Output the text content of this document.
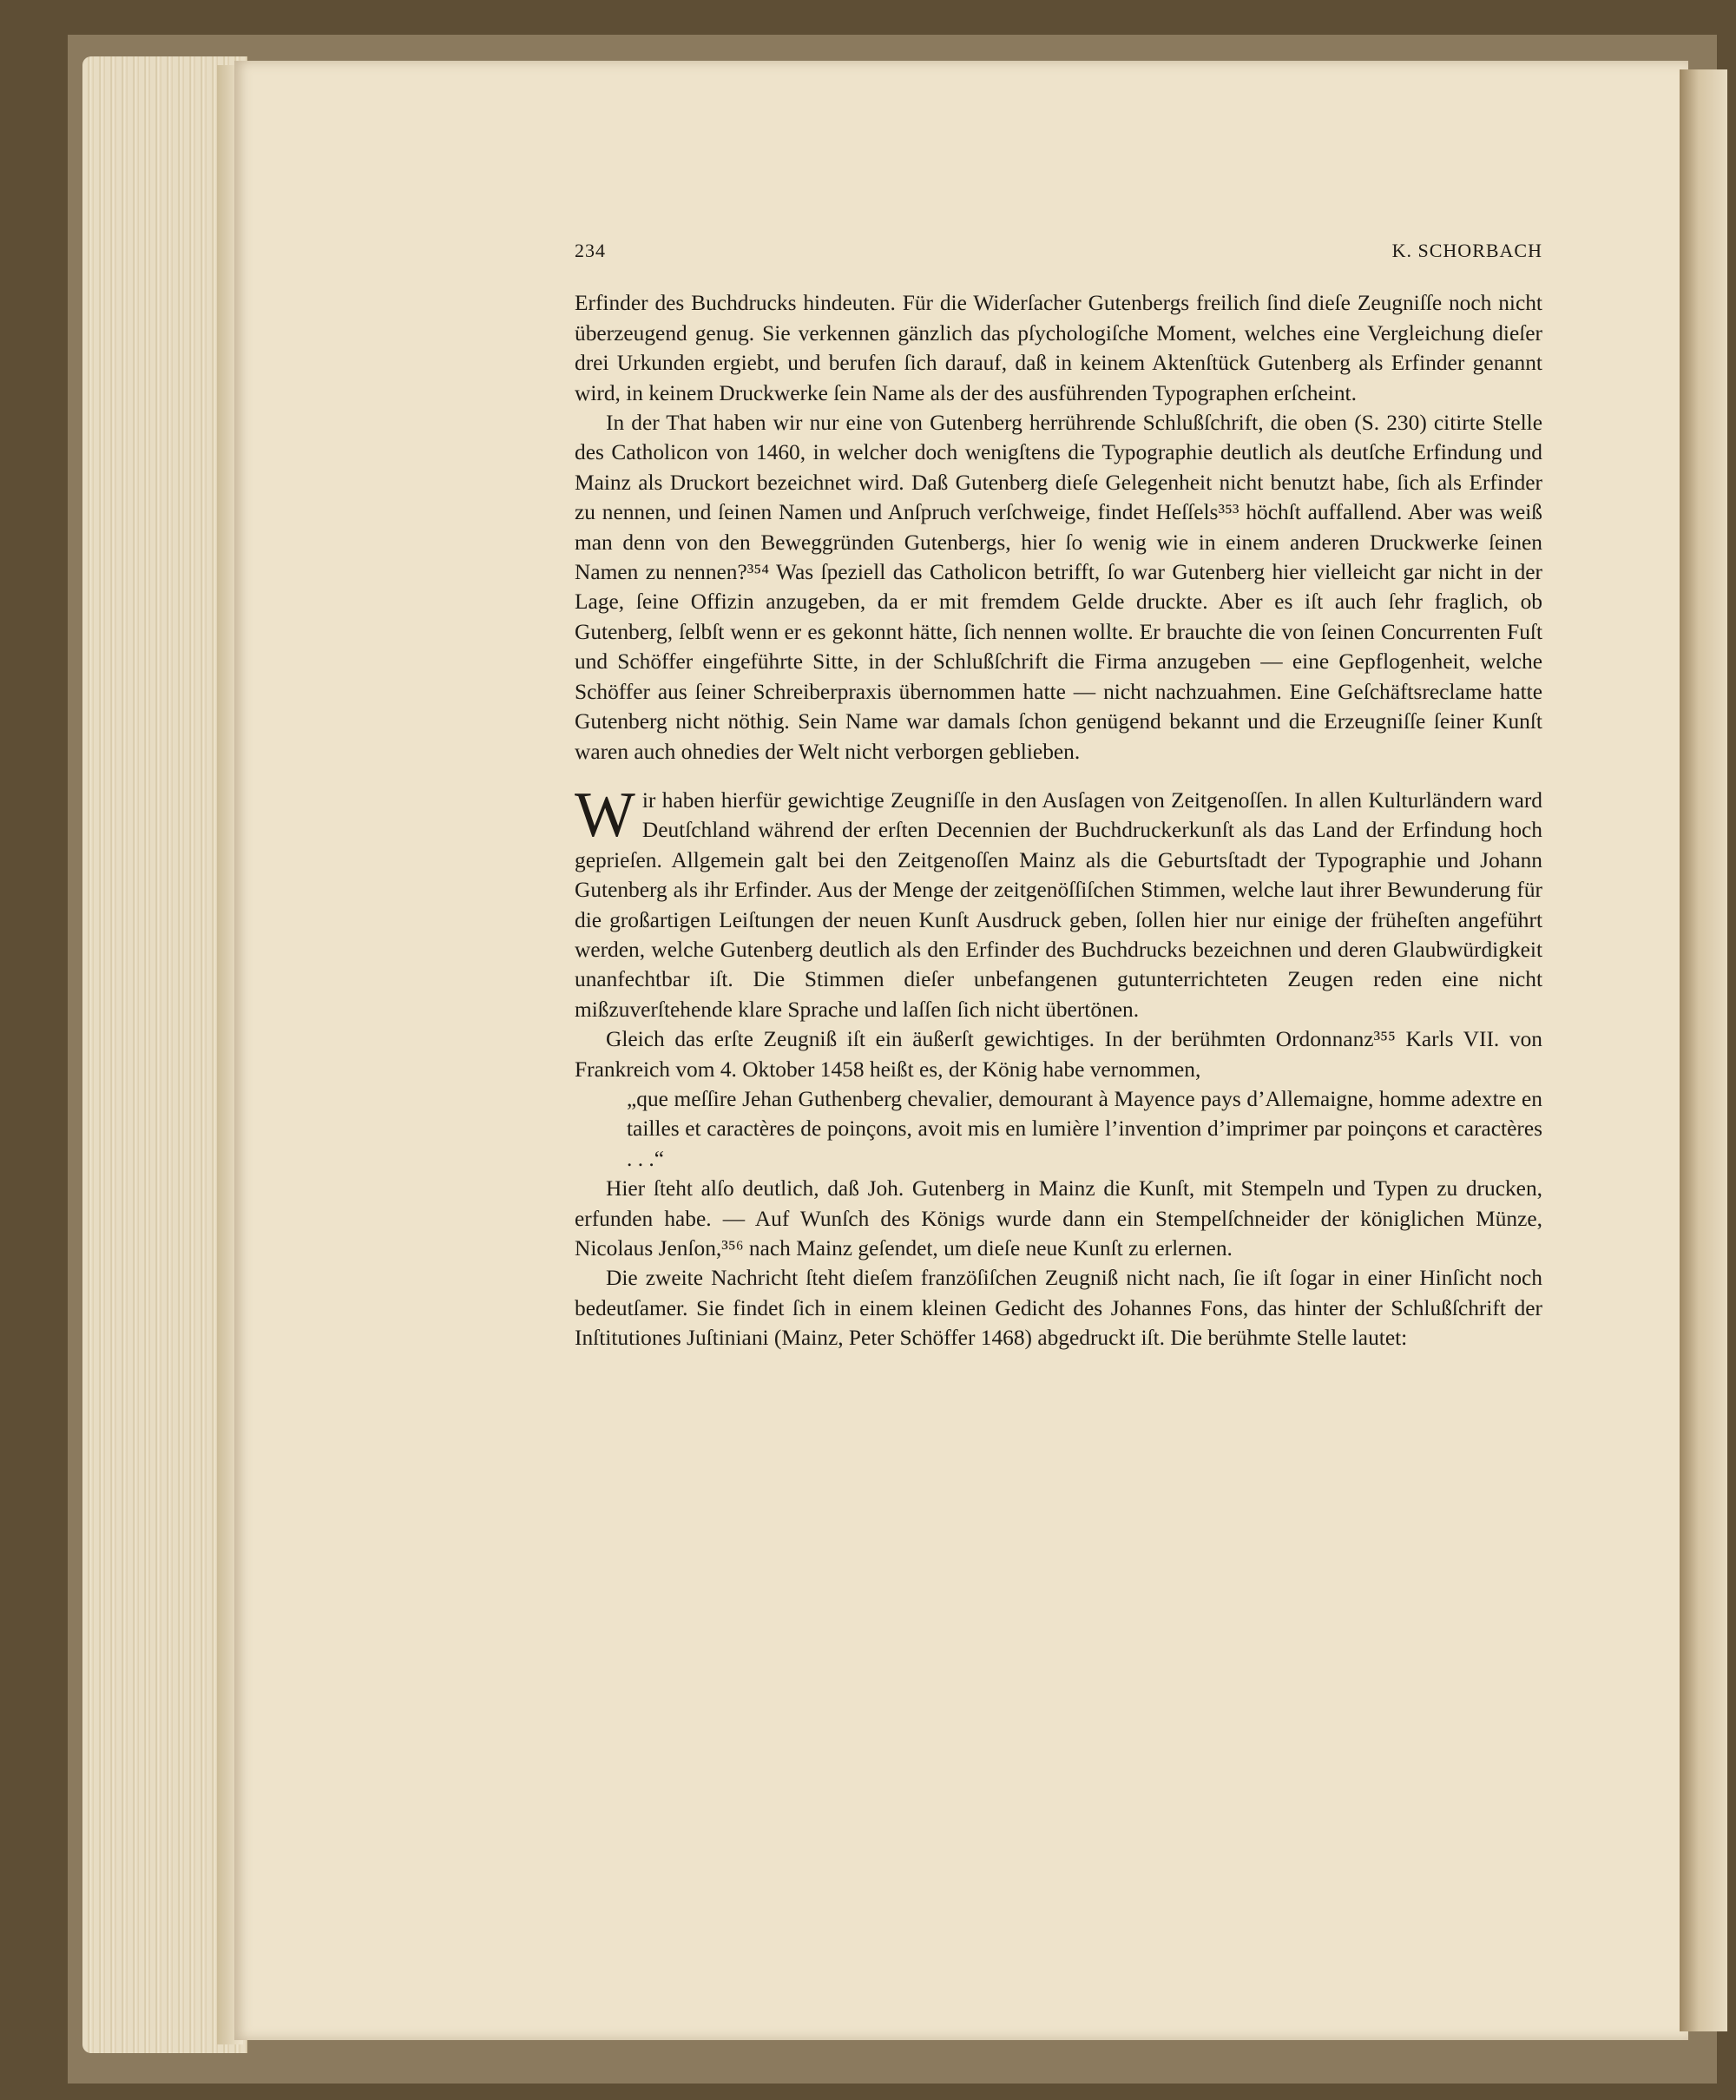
234	K. SCHORBACH

Erfinder des Buchdrucks hindeuten. Für die Widerſacher Gutenbergs freilich ſind dieſe Zeugniſſe noch nicht überzeugend genug. Sie verkennen gänzlich das pſychologiſche Moment, welches eine Vergleichung dieſer drei Urkunden ergiebt, und berufen ſich darauf, daß in keinem Aktenſtück Gutenberg als Erfinder genannt wird, in keinem Druckwerke ſein Name als der des ausführenden Typographen erſcheint.

In der That haben wir nur eine von Gutenberg herrührende Schlußſchrift, die oben (S. 230) citirte Stelle des Catholicon von 1460, in welcher doch wenigſtens die Typographie deutlich als deutſche Erfindung und Mainz als Druckort bezeichnet wird. Daß Gutenberg dieſe Gelegenheit nicht benutzt habe, ſich als Erfinder zu nennen, und ſeinen Namen und Anſpruch verſchweige, findet Heſſels³⁵³ höchſt auffallend. Aber was weiß man denn von den Beweggründen Gutenbergs, hier ſo wenig wie in einem anderen Druckwerke ſeinen Namen zu nennen?³⁵⁴ Was ſpeziell das Catholicon betrifft, ſo war Gutenberg hier vielleicht gar nicht in der Lage, ſeine Offizin anzugeben, da er mit fremdem Gelde druckte. Aber es iſt auch ſehr fraglich, ob Gutenberg, ſelbſt wenn er es gekonnt hätte, ſich nennen wollte. Er brauchte die von ſeinen Concurrenten Fuſt und Schöffer eingeführte Sitte, in der Schlußſchrift die Firma anzugeben — eine Gepflogenheit, welche Schöffer aus ſeiner Schreiberpraxis übernommen hatte — nicht nachzuahmen. Eine Geſchäftsreclame hatte Gutenberg nicht nöthig. Sein Name war damals ſchon genügend bekannt und die Erzeugniſſe ſeiner Kunſt waren auch ohnedies der Welt nicht verborgen geblieben.

W ir haben hierfür gewichtige Zeugniſſe in den Ausſagen von Zeitgenoſſen. In allen Kulturländern ward Deutſchland während der erſten Decennien der Buchdruckerkunſt als das Land der Erfindung hoch geprieſen. Allgemein galt bei den Zeitgenoſſen Mainz als die Geburtsſtadt der Typographie und Johann Gutenberg als ihr Erfinder. Aus der Menge der zeitgenöſſiſchen Stimmen, welche laut ihrer Bewunderung für die großartigen Leiſtungen der neuen Kunſt Ausdruck geben, ſollen hier nur einige der früheſten angeführt werden, welche Gutenberg deutlich als den Erfinder des Buchdrucks bezeichnen und deren Glaubwürdigkeit unanfechtbar iſt. Die Stimmen dieſer unbefangenen gutunterrichteten Zeugen reden eine nicht mißzuverſtehende klare Sprache und laſſen ſich nicht übertönen.

Gleich das erſte Zeugniß iſt ein äußerſt gewichtiges. In der berühmten Ordonnanz³⁵⁵ Karls VII. von Frankreich vom 4. Oktober 1458 heißt es, der König habe vernommen,

„que meſſire Jehan Guthenberg chevalier, demourant à Mayence pays d’Allemaigne, homme adextre en tailles et caractères de poinçons, avoit mis en lumière l’invention d’imprimer par poinçons et caractères . . .“

Hier ſteht alſo deutlich, daß Joh. Gutenberg in Mainz die Kunſt, mit Stempeln und Typen zu drucken, erfunden habe. — Auf Wunſch des Königs wurde dann ein Stempelſchneider der königlichen Münze, Nicolaus Jenſon,³⁵⁶ nach Mainz geſendet, um dieſe neue Kunſt zu erlernen.

Die zweite Nachricht ſteht dieſem franzöſiſchen Zeugniß nicht nach, ſie iſt ſogar in einer Hinſicht noch bedeutſamer. Sie findet ſich in einem kleinen Gedicht des Johannes Fons, das hinter der Schlußſchrift der Inſtitutiones Juſtiniani (Mainz, Peter Schöffer 1468) abgedruckt iſt. Die berühmte Stelle lautet:
